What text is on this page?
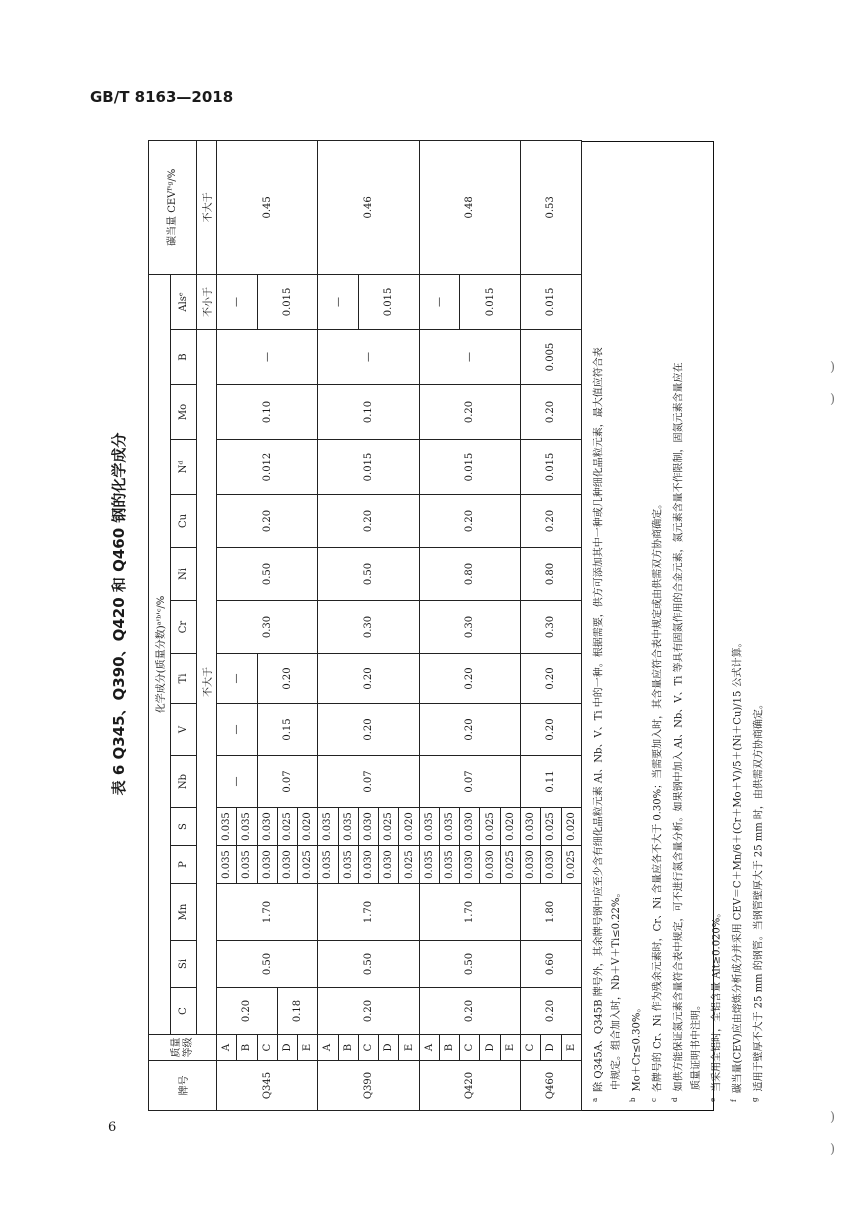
GB/T 8163—2018
6
表 6 Q345、Q390、Q420 和 Q460 钢的化学成分
)
)
)
)
牌号	质量等级	化学成分(质量分数)ᵃ'ᵇ'ᶜ/%															碳当量 CEVᶠ'ᵍ/%
		C	Si	Mn	P	S	Nb	V	Ti	Cr	Ni	Cu	Nᵈ	Mo	B	Alsᵉ	
		不大于														不小于	不大于
Q345	A	0.20	0.50	1.70	0.035	0.035	—	—	—	0.30	0.50	0.20	0.012	0.10	—	—	0.45
	B				0.035	0.035											
	C				0.030	0.030	0.07	0.15	0.20							0.015	
	D	0.18			0.030	0.025											
	E				0.025	0.020											
Q390	A	0.20	0.50	1.70	0.035	0.035	0.07	0.20	0.20	0.30	0.50	0.20	0.015	0.10	—	—	0.46
	B				0.035	0.035											
	C				0.030	0.030										0.015	
	D				0.030	0.025											
	E				0.025	0.020											
Q420	A	0.20	0.50	1.70	0.035	0.035	0.07	0.20	0.20	0.30	0.80	0.20	0.015	0.20	—	—	0.48
	B				0.035	0.035											
	C				0.030	0.030										0.015	
	D				0.030	0.025											
	E				0.025	0.020											
Q460	C	0.20	0.60	1.80	0.030	0.030	0.11	0.20	0.20	0.30	0.80	0.20	0.015	0.20	0.005	0.015	0.53
	D				0.030	0.025											
	E				0.025	0.020											
$^a$除 Q345A、Q345B 牌号外，其余牌号钢中应至少含有细化晶粒元素 Al、Nb、V、Ti 中的一种。根据需要，供方可添加其中一种或几种细化晶粒元素，最大值应符合表 中规定。组合加入时，Nb＋V＋Ti≤0.22%。
$^b$Mo＋Cr≤0.30%。
$^c$各牌号的 Cr、Ni 作为残余元素时，Cr、Ni 含量应各不大于 0.30%；当需要加入时，其含量应符合表中规定或由供需双方协商确定。
$^d$如供方能保证氮元素含量符合表中规定，可不进行氮含量分析。如果钢中加入 Al、Nb、V、Ti 等具有固氮作用的合金元素，氮元素含量不作限制，固氮元素含量应在 质量证明书中注明。
$^e$当采用全铝时，全铝含量 Alt≥0.020%。
$^f$碳当量(CEV)应由熔炼分析成分并采用 CEV＝C＋Mn/6＋(Cr＋Mo＋V)/5＋(Ni＋Cu)/15 公式计算。
$^g$适用于壁厚不大于 25 mm 的钢管。当钢管壁厚大于 25 mm 时，由供需双方协商确定。
